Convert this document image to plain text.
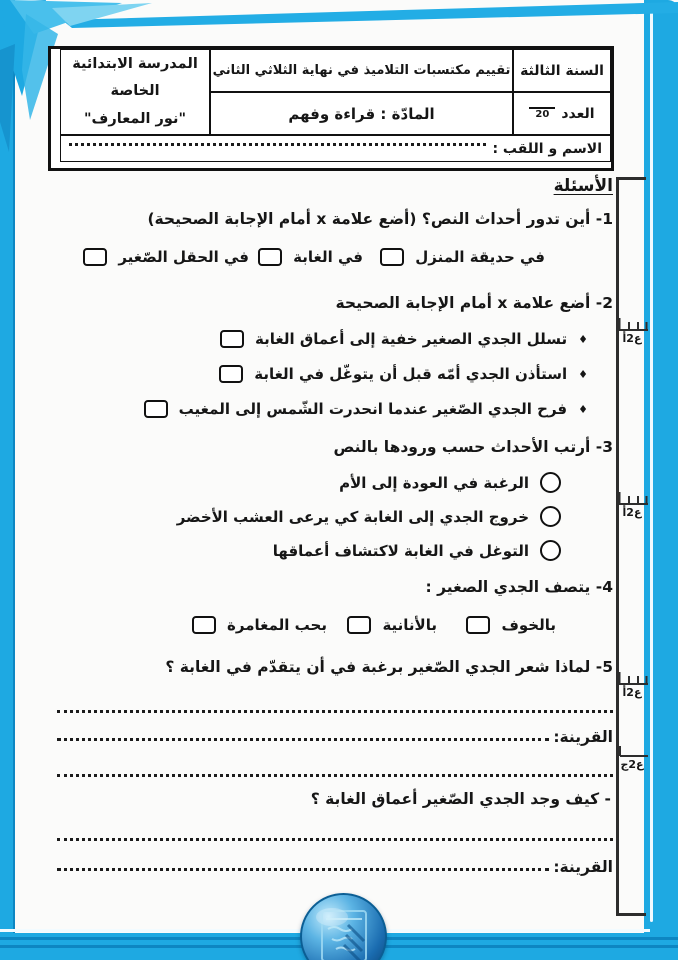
السنة الثالثة
العدد
20
تقييم مكتسبات التلاميذ في نهاية الثلاثي الثاني
المادّة : قراءة وفهم
المدرسة الابتدائية الخاصة
"نور المعارف"
الاسم و اللقب :
الأسئلة
1- أين تدور أحداث النص؟ (أضع علامة x أمام الإجابة الصحيحة)
في حديقة المنزل
في الغابة
في الحقل الصّغير
2- أضع علامة x أمام الإجابة الصحيحة
♦
تسلل الجدي الصغير خفية إلى أعماق الغابة
♦
استأذن الجدي أمّه قبل أن يتوغّل في الغابة
♦
فرح الجدي الصّغير عندما انحدرت الشّمس إلى المغيب
3- أرتب الأحداث حسب ورودها بالنص
الرغبة في العودة إلى الأم
خروج الجدي إلى الغابة كي يرعى العشب الأخضر
التوغل في الغابة لاكتشاف أعماقها
4- يتصف الجدي الصغير :
بالخوف
بالأنانية
بحب المغامرة
5- لماذا شعر الجدي الصّغير برغبة في أن يتقدّم في الغابة ؟
القرينة:
- كيف وجد الجدي الصّغير أعماق الغابة ؟
القرينة:
ع2أ
ع2أ
ع2أ
ع2ج
